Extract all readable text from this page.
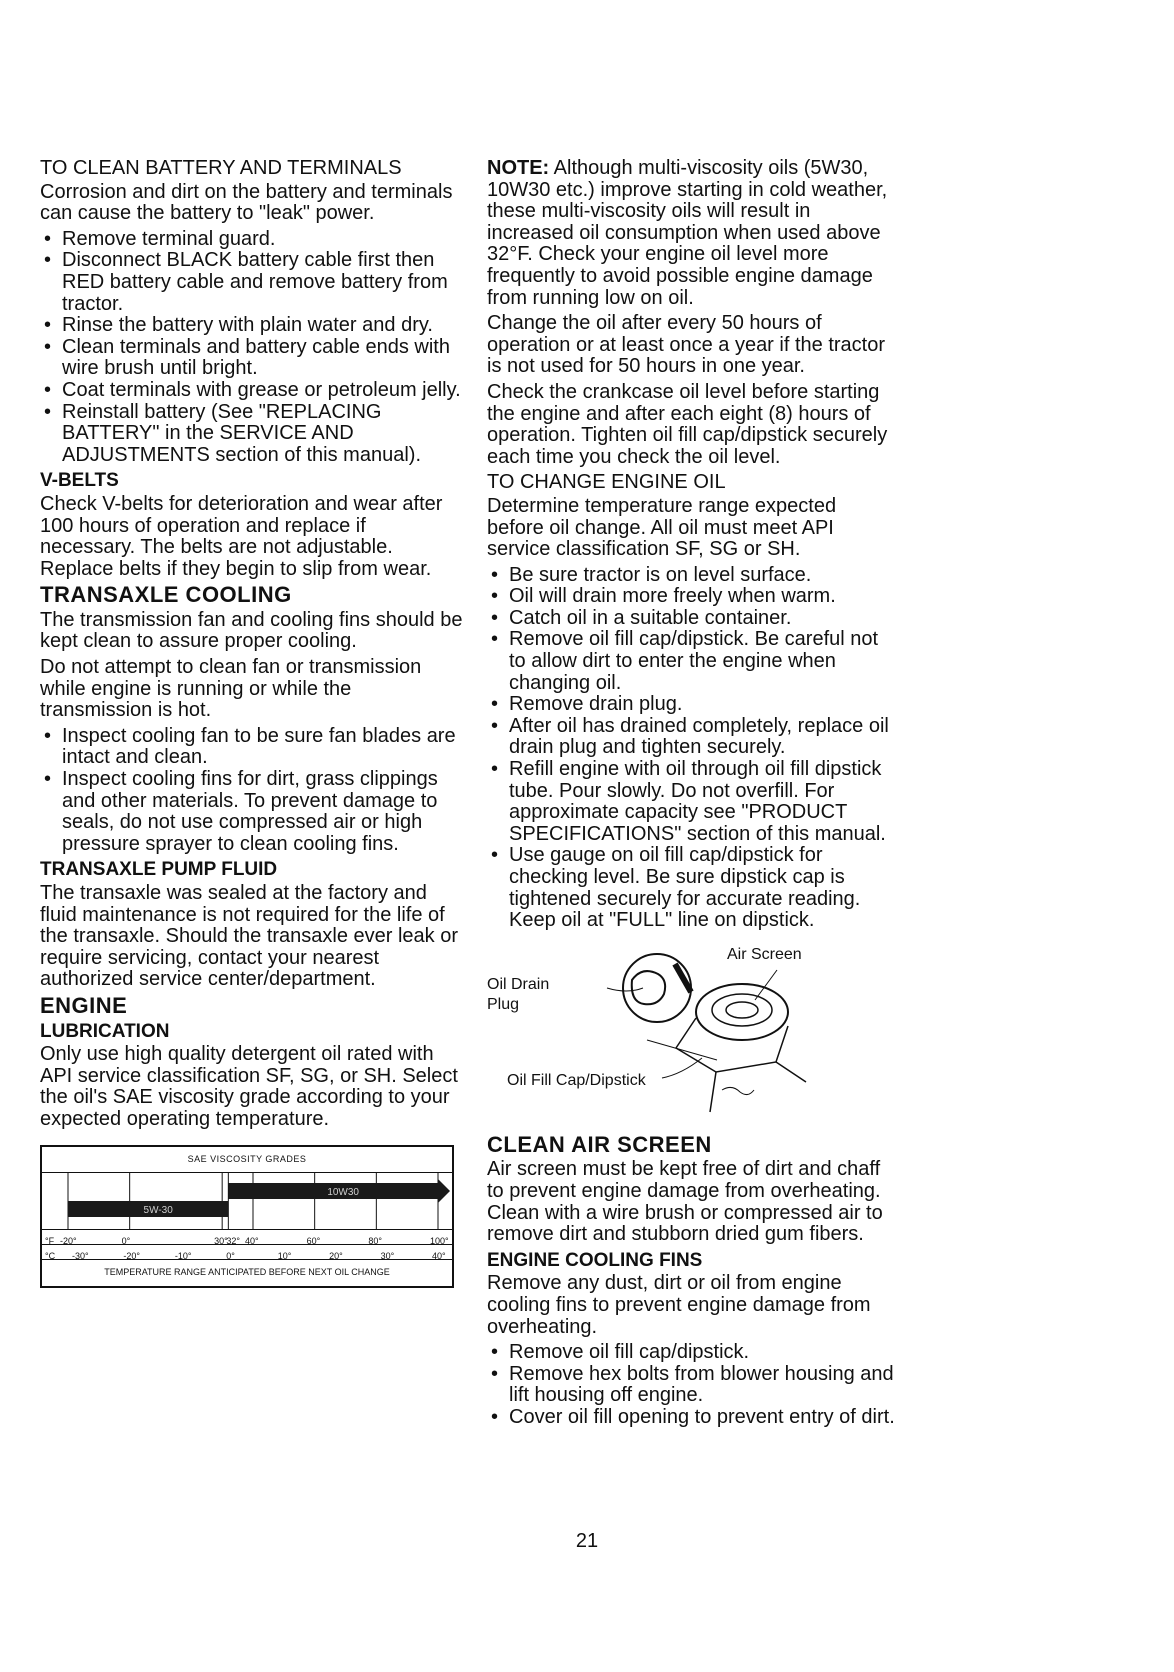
TO CLEAN BATTERY AND TERMINALS

Corrosion and dirt on the battery and terminals can cause the battery to "leak" power.

• Remove terminal guard.
• Disconnect BLACK battery cable first then RED battery cable and remove battery from tractor.
• Rinse the battery with plain water and dry.
• Clean terminals and battery cable ends with wire brush until bright.
• Coat terminals with grease or petroleum jelly.
• Reinstall battery (See "REPLACING BATTERY" in the SERVICE AND ADJUSTMENTS section of this manual).
V-BELTS

Check V-belts for deterioration and wear after 100 hours of operation and replace if necessary. The belts are not adjustable. Replace belts if they begin to slip from wear.

TRANSAXLE COOLING

The transmission fan and cooling fins should be kept clean to assure proper cooling.

Do not attempt to clean fan or transmission while engine is running or while the transmission is hot.

• Inspect cooling fan to be sure fan blades are intact and clean.
• Inspect cooling fins for dirt, grass clippings and other materials. To prevent damage to seals, do not use compressed air or high pressure sprayer to clean cooling fins.
TRANSAXLE PUMP FLUID

The transaxle was sealed at the factory and fluid maintenance is not required for the life of the transaxle. Should the transaxle ever leak or require servicing, contact your nearest authorized service center/department.

ENGINE
LUBRICATION

Only use high quality detergent oil rated with API service classification SF, SG, or SH. Select the oil's SAE viscosity grade according to your expected operating temperature.

SAE VISCOSITY GRADES
5W-30
10W30
°F -20°	0°	30°
32° 40°	60°	80°	100°
°C -30°	-20°	-10°	0°	10°	20°	30°	40°
TEMPERATURE RANGE ANTICIPATED BEFORE NEXT OIL CHANGE

NOTE: Although multi-viscosity oils (5W30, 10W30 etc.) improve starting in cold weather, these multi-viscosity oils will result in increased oil consumption when used above 32°F. Check your engine oil level more frequently to avoid possible engine damage from running low on oil.

Change the oil after every 50 hours of operation or at least once a year if the tractor is not used for 50 hours in one year.

Check the crankcase oil level before starting the engine and after each eight (8) hours of operation. Tighten oil fill cap/dipstick securely each time you check the oil level.

TO CHANGE ENGINE OIL

Determine temperature range expected before oil change. All oil must meet API service classification SF, SG or SH.

• Be sure tractor is on level surface.
• Oil will drain more freely when warm.
• Catch oil in a suitable container.
• Remove oil fill cap/dipstick. Be careful not to allow dirt to enter the engine when changing oil.
• Remove drain plug.
• After oil has drained completely, replace oil drain plug and tighten securely.
• Refill engine with oil through oil fill dipstick tube. Pour slowly. Do not overfill. For approximate capacity see "PRODUCT SPECIFICATIONS" section of this manual.
• Use gauge on oil fill cap/dipstick for checking level. Be sure dipstick cap is tightened securely for accurate reading. Keep oil at "FULL" line on dipstick.
Air Screen
Oil Drain
Plug
Oil Fill Cap/Dipstick
CLEAN AIR SCREEN

Air screen must be kept free of dirt and chaff to prevent engine damage from overheating. Clean with a wire brush or compressed air to remove dirt and stubborn dried gum fibers.

ENGINE COOLING FINS

Remove any dust, dirt or oil from engine cooling fins to prevent engine damage from overheating.

• Remove oil fill cap/dipstick.
• Remove hex bolts from blower housing and lift housing off engine.
• Cover oil fill opening to prevent entry of dirt.
21
